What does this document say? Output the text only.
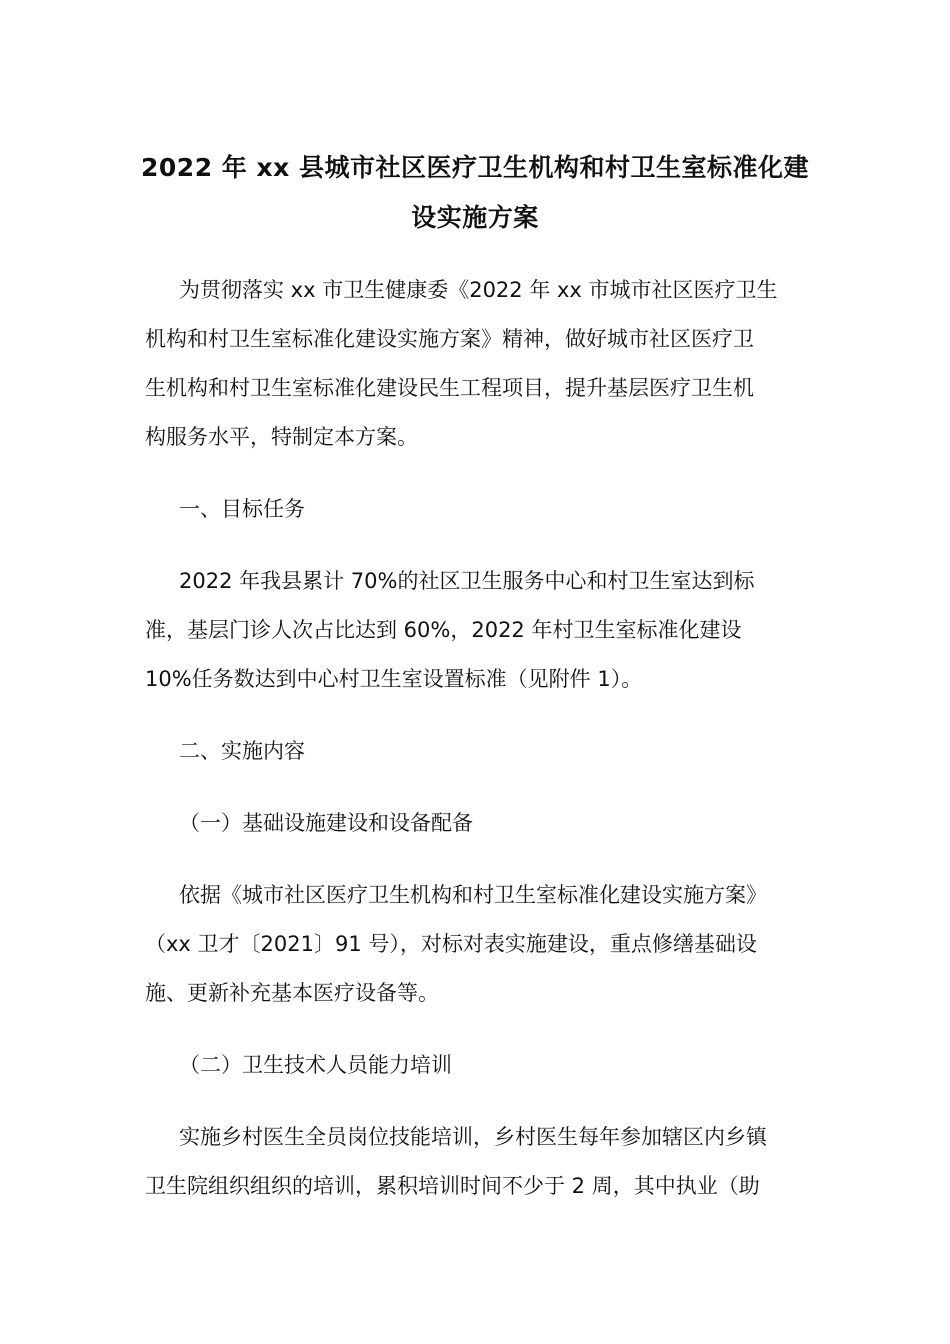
2022 年 xx 县城市社区医疗卫生机构和村卫生室标准化建
设实施方案

为贯彻落实 xx 市卫生健康委《2022 年 xx 市城市社区医疗卫生
机构和村卫生室标准化建设实施方案》精神，做好城市社区医疗卫
生机构和村卫生室标准化建设民生工程项目，提升基层医疗卫生机
构服务水平，特制定本方案。

一、目标任务

2022 年我县累计 70%的社区卫生服务中心和村卫生室达到标
准，基层门诊人次占比达到 60%，2022 年村卫生室标准化建设
10%任务数达到中心村卫生室设置标准（见附件 1）。

二、实施内容

（一）基础设施建设和设备配备

依据《城市社区医疗卫生机构和村卫生室标准化建设实施方案》
（xx 卫才〔2021〕91 号），对标对表实施建设，重点修缮基础设
施、更新补充基本医疗设备等。

（二）卫生技术人员能力培训

实施乡村医生全员岗位技能培训，乡村医生每年参加辖区内乡镇
卫生院组织组织的培训，累积培训时间不少于 2 周，其中执业（助
